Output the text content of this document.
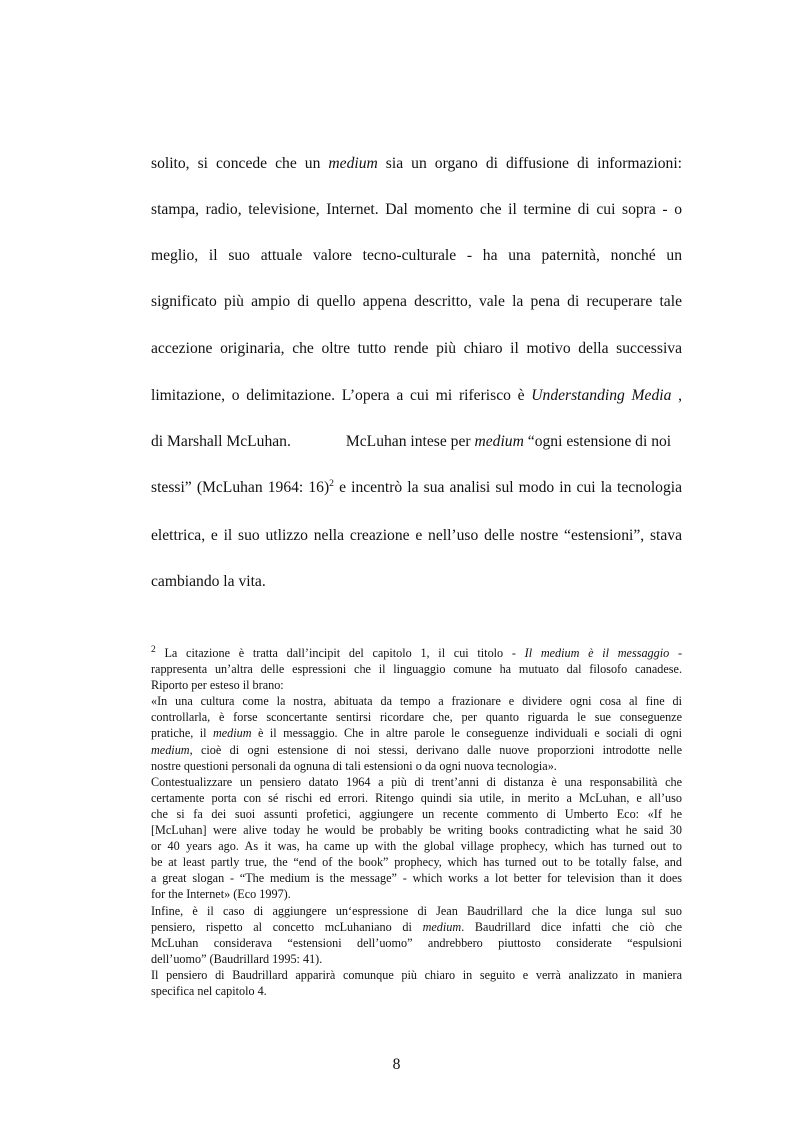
solito, si concede che un medium sia un organo di diffusione di informazioni:
stampa, radio, televisione, Internet. Dal momento che il termine di cui sopra - o
meglio, il suo attuale valore tecno-culturale - ha una paternità, nonché un
significato più ampio di quello appena descritto, vale la pena di recuperare tale
accezione originaria, che oltre tutto rende più chiaro il motivo della successiva
limitazione, o delimitazione. L’opera a cui mi riferisco è Understanding Media ,
di Marshall McLuhan.	McLuhan intese per medium “ogni estensione di noi
stessi” (McLuhan 1964: 16)$^2$ e incentrò la sua analisi sul modo in cui la tecnologia
elettrica, e il suo utlizzo nella creazione e nell’uso delle nostre “estensioni”, stava
cambiando la vita.
$^2$ La citazione è tratta dall’incipit del capitolo 1, il cui titolo - Il medium è il messaggio -
rappresenta un’altra delle espressioni che il linguaggio comune ha mutuato dal filosofo canadese.
Riporto per esteso il brano:
«In una cultura come la nostra, abituata da tempo a frazionare e dividere ogni cosa al fine di
controllarla, è forse sconcertante sentirsi ricordare che, per quanto riguarda le sue conseguenze
pratiche, il medium è il messaggio. Che in altre parole le conseguenze individuali e sociali di ogni
medium, cioè di ogni estensione di noi stessi, derivano dalle nuove proporzioni introdotte nelle
nostre questioni personali da ognuna di tali estensioni o da ogni nuova tecnologia».
Contestualizzare un pensiero datato 1964 a più di trent’anni di distanza è una responsabilità che
certamente porta con sé rischi ed errori. Ritengo quindi sia utile, in merito a McLuhan, e all’uso
che si fa dei suoi assunti profetici, aggiungere un recente commento di Umberto Eco: «If he
[McLuhan] were alive today he would be probably be writing books contradicting what he said 30
or 40 years ago. As it was, ha came up with the global village prophecy, which has turned out to
be at least partly true, the “end of the book” prophecy, which has turned out to be totally false, and
a great slogan - “The medium is the message” - which works a lot better for television than it does
for the Internet» (Eco 1997).
Infine, è il caso di aggiungere un‘espressione di Jean Baudrillard che la dice lunga sul suo
pensiero, rispetto al concetto mcLuhaniano di medium. Baudrillard dice infatti che ciò che
McLuhan considerava “estensioni dell’uomo” andrebbero piuttosto considerate “espulsioni
dell’uomo” (Baudrillard 1995: 41).
Il pensiero di Baudrillard apparirà comunque più chiaro in seguito e verrà analizzato in maniera
specifica nel capitolo 4.
8
